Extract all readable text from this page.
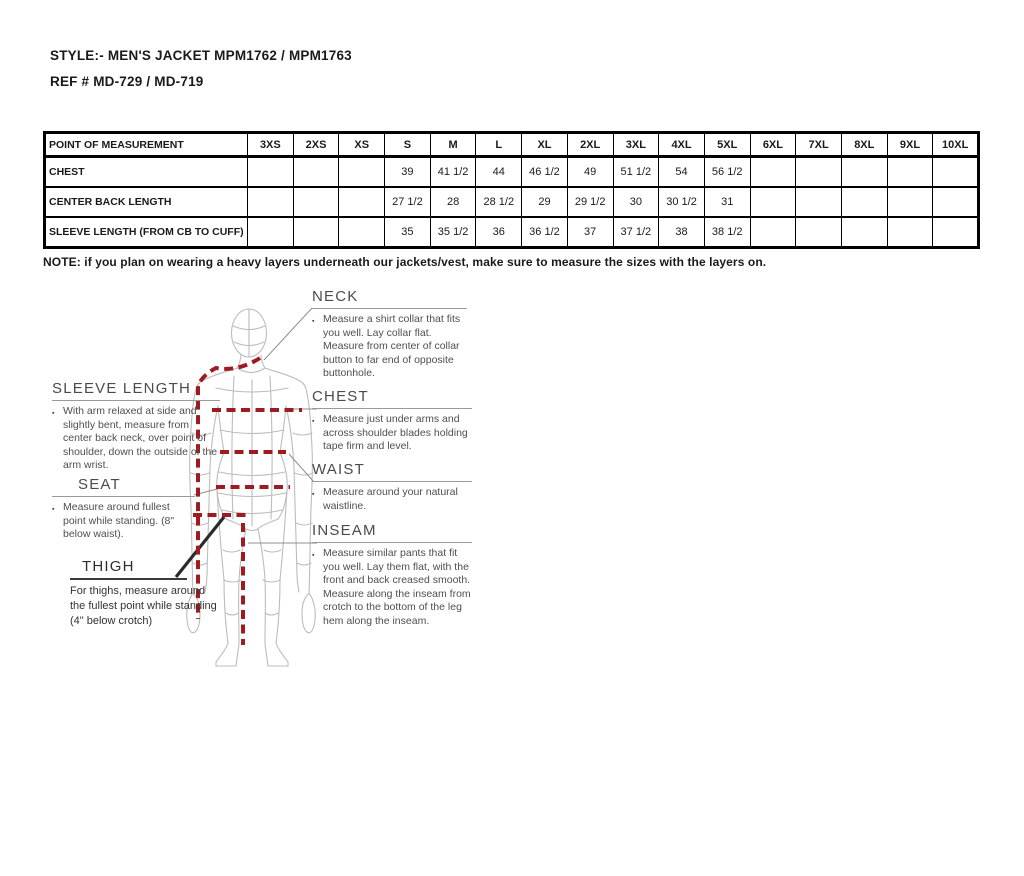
STYLE:- MEN'S JACKET MPM1762 / MPM1763
REF # MD-729 / MD-719
POINT OF MEASUREMENT	3XS	2XS	XS	S	M	L	XL	2XL	3XL	4XL	5XL	6XL	7XL	8XL	9XL	10XL
CHEST				39	41 1/2	44	46 1/2	49	51 1/2	54	56 1/2					
CENTER BACK LENGTH				27 1/2	28	28 1/2	29	29 1/2	30	30 1/2	31					
SLEEVE LENGTH (FROM CB TO CUFF)				35	35 1/2	36	36 1/2	37	37 1/2	38	38 1/2					
NOTE: if you plan on wearing a heavy layers underneath our jackets/vest, make sure to measure the sizes with the layers on.
NECK
▪ Measure a shirt collar that fits you well. Lay collar flat. Measure from center of collar button to far end of opposite buttonhole.
CHEST
▪ Measure just under arms and across shoulder blades holding tape firm and level.
WAIST
▪ Measure around your natural waistline.
INSEAM
▪ Measure similar pants that fit you well. Lay them flat, with the front and back creased smooth. Measure along the inseam from crotch to the bottom of the leg hem along the inseam.
SLEEVE LENGTH
▪ With arm relaxed at side and slightly bent, measure from center back neck, over point of shoulder, down the outside of the arm wrist.
SEAT
▪ Measure around fullest point while standing. (8" below waist).
THIGH
For thighs, measure around the fullest point while standing (4" below crotch)
